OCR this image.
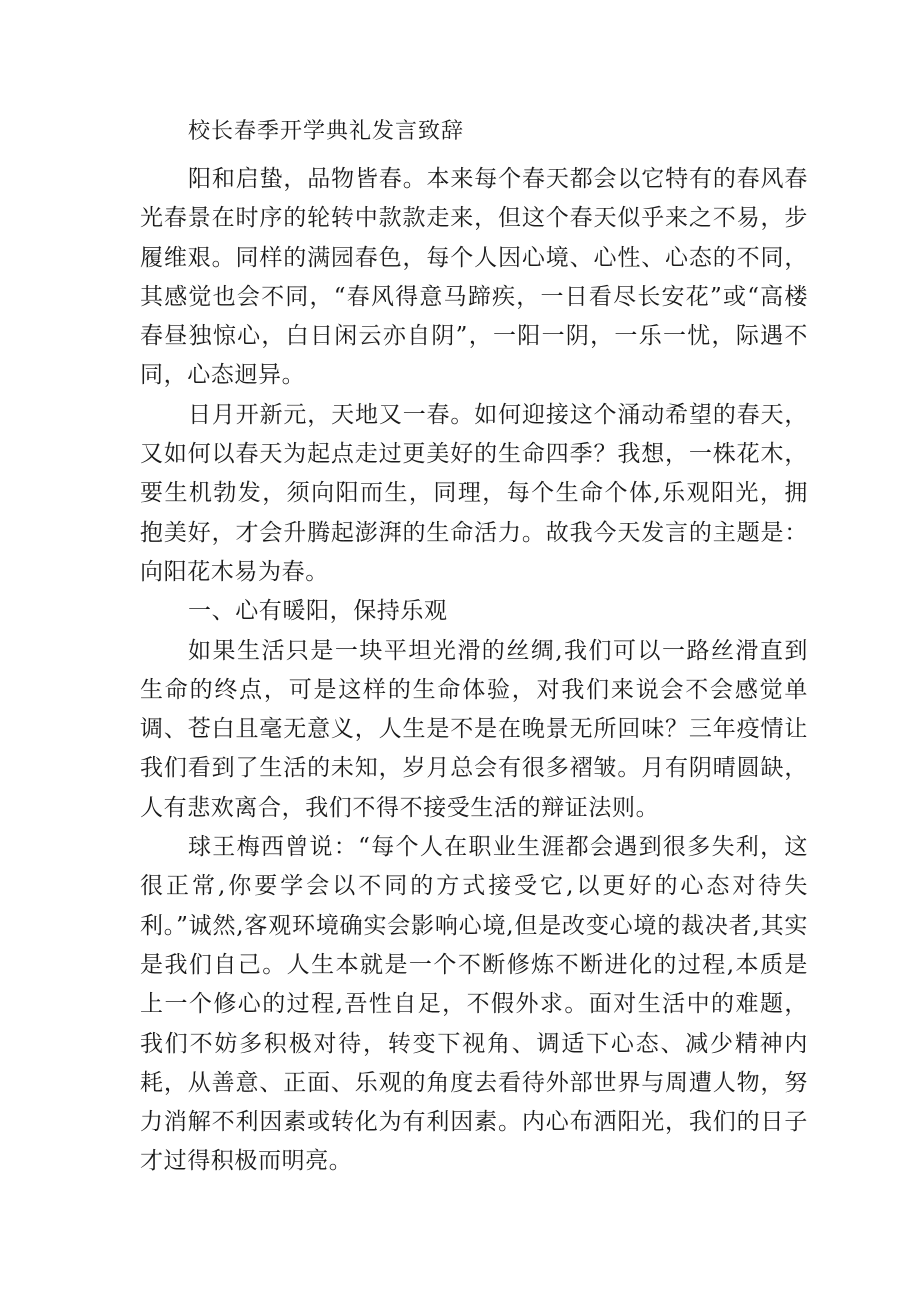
校长春季开学典礼发言致辞

阳和启蛰，品物皆春。本来每个春天都会以它特有的春风春光春景在时序的轮转中款款走来，但这个春天似乎来之不易，步履维艰。同样的满园春色，每个人因心境、心性、心态的不同，其感觉也会不同，“春风得意马蹄疾，一日看尽长安花”或“高楼春昼独惊心，白日闲云亦自阴”，一阳一阴，一乐一忧，际遇不同，心态迥异。

日月开新元，天地又一春。如何迎接这个涌动希望的春天，又如何以春天为起点走过更美好的生命四季？我想，一株花木，要生机勃发，须向阳而生，同理，每个生命个体,乐观阳光，拥抱美好，才会升腾起澎湃的生命活力。故我今天发言的主题是：向阳花木易为春。

一、心有暖阳，保持乐观

如果生活只是一块平坦光滑的丝绸,我们可以一路丝滑直到生命的终点，可是这样的生命体验，对我们来说会不会感觉单调、苍白且毫无意义，人生是不是在晚景无所回味？三年疫情让我们看到了生活的未知，岁月总会有很多褶皱。月有阴晴圆缺，人有悲欢离合，我们不得不接受生活的辩证法则。

球王梅西曾说：“每个人在职业生涯都会遇到很多失利，这很正常,你要学会以不同的方式接受它,以更好的心态对待失利。”诚然,客观环境确实会影响心境,但是改变心境的裁决者,其实是我们自己。人生本就是一个不断修炼不断进化的过程,本质是上一个修心的过程,吾性自足，不假外求。面对生活中的难题，我们不妨多积极对待，转变下视角、调适下心态、减少精神内耗，从善意、正面、乐观的角度去看待外部世界与周遭人物，努力消解不利因素或转化为有利因素。内心布洒阳光，我们的日子才过得积极而明亮。
